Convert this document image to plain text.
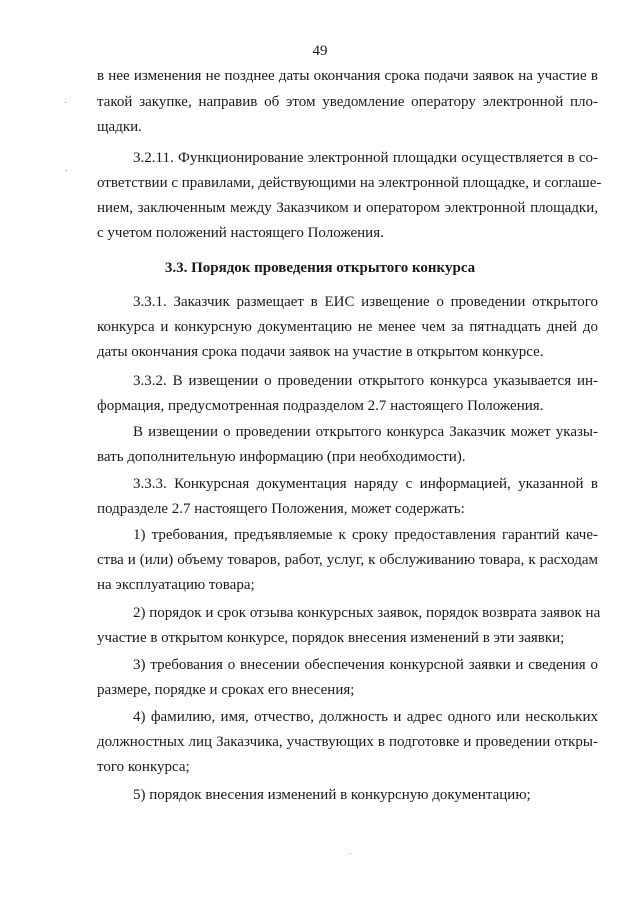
49
в нее изменения не позднее даты окончания срока подачи заявок на участие в
такой закупке, направив об этом уведомление оператору электронной пло-
щадки.
3.2.11. Функционирование электронной площадки осуществляется в со-
ответствии с правилами, действующими на электронной площадке, и соглаше-
нием, заключенным между Заказчиком и оператором электронной площадки,
с учетом положений настоящего Положения.
3.3. Порядок проведения открытого конкурса
3.3.1. Заказчик размещает в ЕИС извещение о проведении открытого
конкурса и конкурсную документацию не менее чем за пятнадцать дней до
даты окончания срока подачи заявок на участие в открытом конкурсе.
3.3.2. В извещении о проведении открытого конкурса указывается ин-
формация, предусмотренная подразделом 2.7 настоящего Положения.
В извещении о проведении открытого конкурса Заказчик может указы-
вать дополнительную информацию (при необходимости).
3.3.3. Конкурсная документация наряду с информацией, указанной в
подразделе 2.7 настоящего Положения, может содержать:
1) требования, предъявляемые к сроку предоставления гарантий каче-
ства и (или) объему товаров, работ, услуг, к обслуживанию товара, к расходам
на эксплуатацию товара;
2) порядок и срок отзыва конкурсных заявок, порядок возврата заявок на
участие в открытом конкурсе, порядок внесения изменений в эти заявки;
3) требования о внесении обеспечения конкурсной заявки и сведения о
размере, порядке и сроках его внесения;
4) фамилию, имя, отчество, должность и адрес одного или нескольких
должностных лиц Заказчика, участвующих в подготовке и проведении откры-
того конкурса;
5) порядок внесения изменений в конкурсную документацию;
